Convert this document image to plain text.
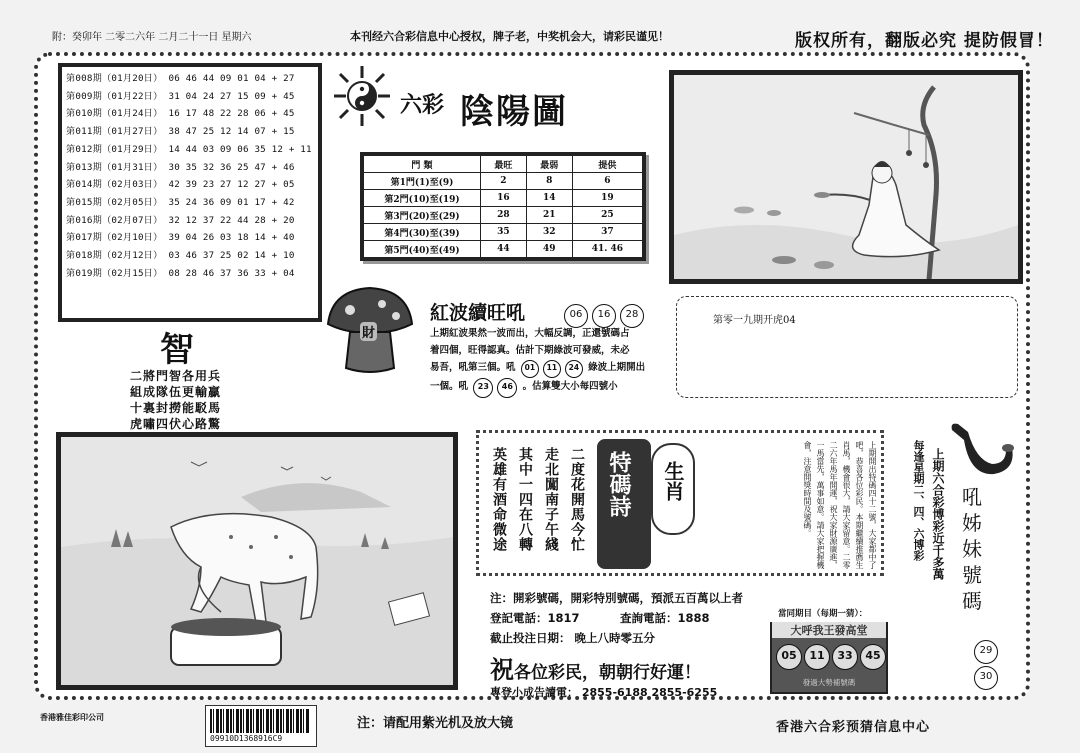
附：癸卯年 二零二六年 二月二十一日 星期六	本刊经六合彩信息中心授权，牌子老，中奖机会大，请彩民谨见！	版权所有，翻版必究 提防假冒！
第008期（01月20日） 06 46 44 09 01 04 + 27
第009期（01月22日） 31 04 24 27 15 09 + 45
第010期（01月24日） 16 17 48 22 28 06 + 45
第011期（01月27日） 38 47 25 12 14 07 + 15
第012期（01月29日） 14 44 03 09 06 35 12 + 11
第013期（01月31日） 30 35 32 36 25 47 + 46
第014期（02月03日） 42 39 23 27 12 27 + 05
第015期（02月05日） 35 24 36 09 01 17 + 42
第016期（02月07日） 32 12 37 22 44 28 + 20
第017期（02月10日） 39 04 26 03 18 14 + 40
第018期（02月12日） 03 46 37 25 02 14 + 10
第019期（02月15日） 08 28 46 37 36 33 + 04
六彩 陰陽圖
門 類	最旺	最弱	提供
第1門(1)至(9)	2	8	6
第2門(10)至(19)	16	14	19
第3門(20)至(29)	28	21	25
第4門(30)至(39)	35	32	37
第5門(40)至(49)	44	49	41. 46
財
紅波續旺吼	06 16 28
上期紅波果然一波而出，大幅反調，正還號碼占
着四個，旺得認真。估計下期綠波可發威，未必
易吾，吼第三個。吼 01 11 24 綠波上期開出
一個。吼 23 46 。估算雙大小每四號小
第零一九期开虎04
智
二將門智各用兵
組成隊伍更輸贏
十裏封撈能駁馬
虎嘯四伏心路驚
二度花開馬今忙
走北闖南子午綫
其中一四在八轉
英雄有酒命微途	特碼詩 生肖	上期開出特碼四十二號，大家都中了吧，恭喜各位彩民。本期繼續推薦生肖馬，機會很大，請大家留意。二零二六年馬年開運，祝大家財源廣進，一馬當先，萬事如意。請大家把握機會，注意開獎時間及號碼。	上期六合彩博彩近千多萬
每逢星期二、四、六博彩 吼
姊
妹
號
碼
29
30
注：開彩號碼，開彩特別號碼，預派五百萬以上者
登記電話：1817	查詢電話：1888
截止投注日期： 晚上八時零五分
祝各位彩民，朝朝行好運！
專登小成告讀電： 2855-6188 2855-6255
當同期目（每期一猜）：
大呼我王發高堂
05	11	33	45
發過大勢補號碼
香港雅佳彩印公司
09910D1368916C9
注：请配用紫光机及放大镜	香港六合彩预猜信息中心
